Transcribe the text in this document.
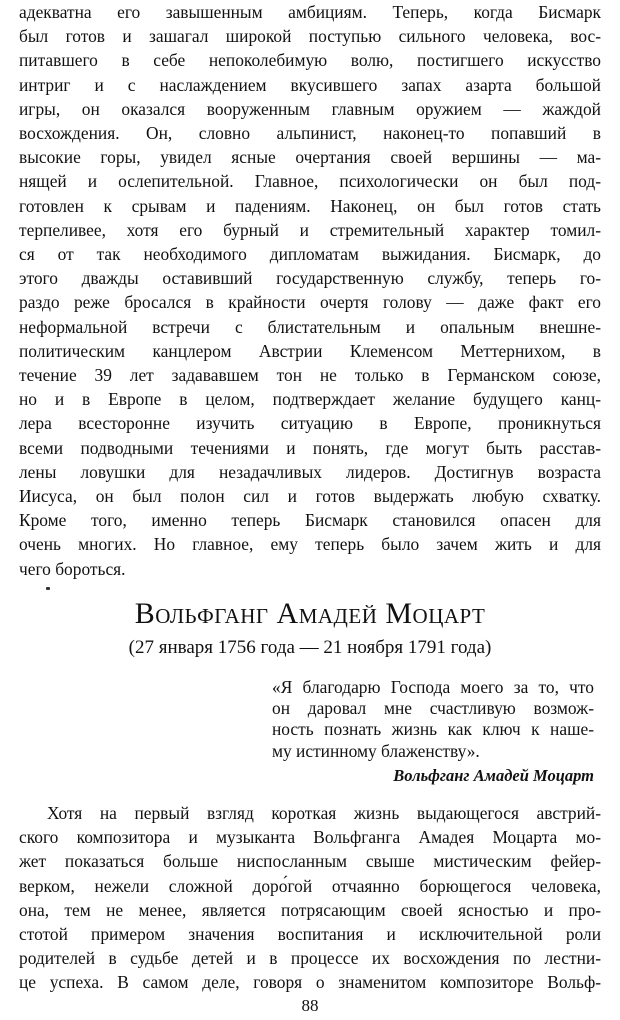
адекватна его завышенным амбициям. Теперь, когда Бисмарк
был готов и зашагал широкой поступью сильного человека, вос-
питавшего в себе непоколебимую волю, постигшего искусство
интриг и с наслаждением вкусившего запах азарта большой
игры, он оказался вооруженным главным оружием — жаждой
восхождения. Он, словно альпинист, наконец-то попавший в
высокие горы, увидел ясные очертания своей вершины — ма-
нящей и ослепительной. Главное, психологически он был под-
готовлен к срывам и падениям. Наконец, он был готов стать
терпеливее, хотя его бурный и стремительный характер томил-
ся от так необходимого дипломатам выжидания. Бисмарк, до
этого дважды оставивший государственную службу, теперь го-
раздо реже бросался в крайности очертя голову — даже факт его
неформальной встречи с блистательным и опальным внешне-
политическим канцлером Австрии Клеменсом Меттернихом, в
течение 39 лет задававшем тон не только в Германском союзе,
но и в Европе в целом, подтверждает желание будущего канц-
лера всесторонне изучить ситуацию в Европе, проникнуться
всеми подводными течениями и понять, где могут быть расстав-
лены ловушки для незадачливых лидеров. Достигнув возраста
Иисуса, он был полон сил и готов выдержать любую схватку.
Кроме того, именно теперь Бисмарк становился опасен для
очень многих. Но главное, ему теперь было зачем жить и для
чего бороться.
Вольфганг Амадей Моцарт
(27 января 1756 года — 21 ноября 1791 года)
«Я благодарю Господа моего за то, что
он даровал мне счастливую возмож-
ность познать жизнь как ключ к наше-
му истинному блаженству».
Вольфганг Амадей Моцарт
Хотя на первый взгляд короткая жизнь выдающегося австрий-
ского композитора и музыканта Вольфганга Амадея Моцарта мо-
жет показаться больше ниспосланным свыше мистическим фейер-
верком, нежели сложной доро́гой отчаянно борющегося человека,
она, тем не менее, является потрясающим своей ясностью и про-
стотой примером значения воспитания и исключительной роли
родителей в судьбе детей и в процессе их восхождения по лестни-
це успеха. В самом деле, говоря о знаменитом композиторе Вольф-
88
